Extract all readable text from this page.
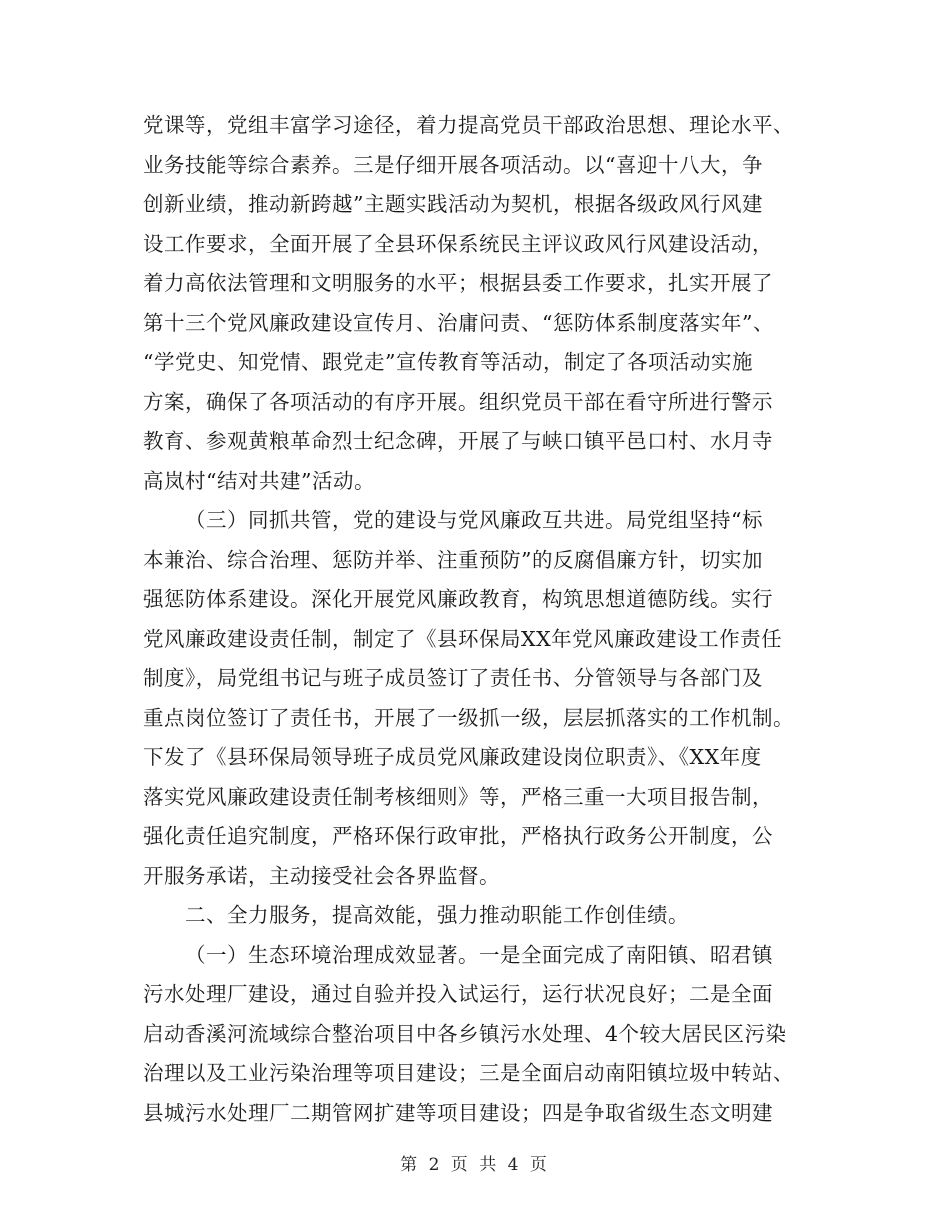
党课等，党组丰富学习途径，着力提高党员干部政治思想、理论水平、
业务技能等综合素养。三是仔细开展各项活动。以“喜迎十八大，争
创新业绩，推动新跨越”主题实践活动为契机，根据各级政风行风建
设工作要求，全面开展了全县环保系统民主评议政风行风建设活动，
着力高依法管理和文明服务的水平；根据县委工作要求，扎实开展了
第十三个党风廉政建设宣传月、治庸问责、“惩防体系制度落实年”、
“学党史、知党情、跟党走”宣传教育等活动，制定了各项活动实施
方案，确保了各项活动的有序开展。组织党员干部在看守所进行警示
教育、参观黄粮革命烈士纪念碑，开展了与峡口镇平邑口村、水月寺
高岚村“结对共建”活动。
（三）同抓共管，党的建设与党风廉政互共进。局党组坚持“标
本兼治、综合治理、惩防并举、注重预防”的反腐倡廉方针，切实加
强惩防体系建设。深化开展党风廉政教育，构筑思想道德防线。实行
党风廉政建设责任制，制定了《县环保局XX年党风廉政建设工作责任
制度》，局党组书记与班子成员签订了责任书、分管领导与各部门及
重点岗位签订了责任书，开展了一级抓一级，层层抓落实的工作机制。
下发了《县环保局领导班子成员党风廉政建设岗位职责》、《XX年度
落实党风廉政建设责任制考核细则》等，严格三重一大项目报告制，
强化责任追究制度，严格环保行政审批，严格执行政务公开制度，公
开服务承诺，主动接受社会各界监督。
二、全力服务，提高效能，强力推动职能工作创佳绩。
（一）生态环境治理成效显著。一是全面完成了南阳镇、昭君镇
污水处理厂建设，通过自验并投入试运行，运行状况良好；二是全面
启动香溪河流域综合整治项目中各乡镇污水处理、4个较大居民区污染
治理以及工业污染治理等项目建设；三是全面启动南阳镇垃圾中转站、
县城污水处理厂二期管网扩建等项目建设；四是争取省级生态文明建
第 2 页 共 4 页
